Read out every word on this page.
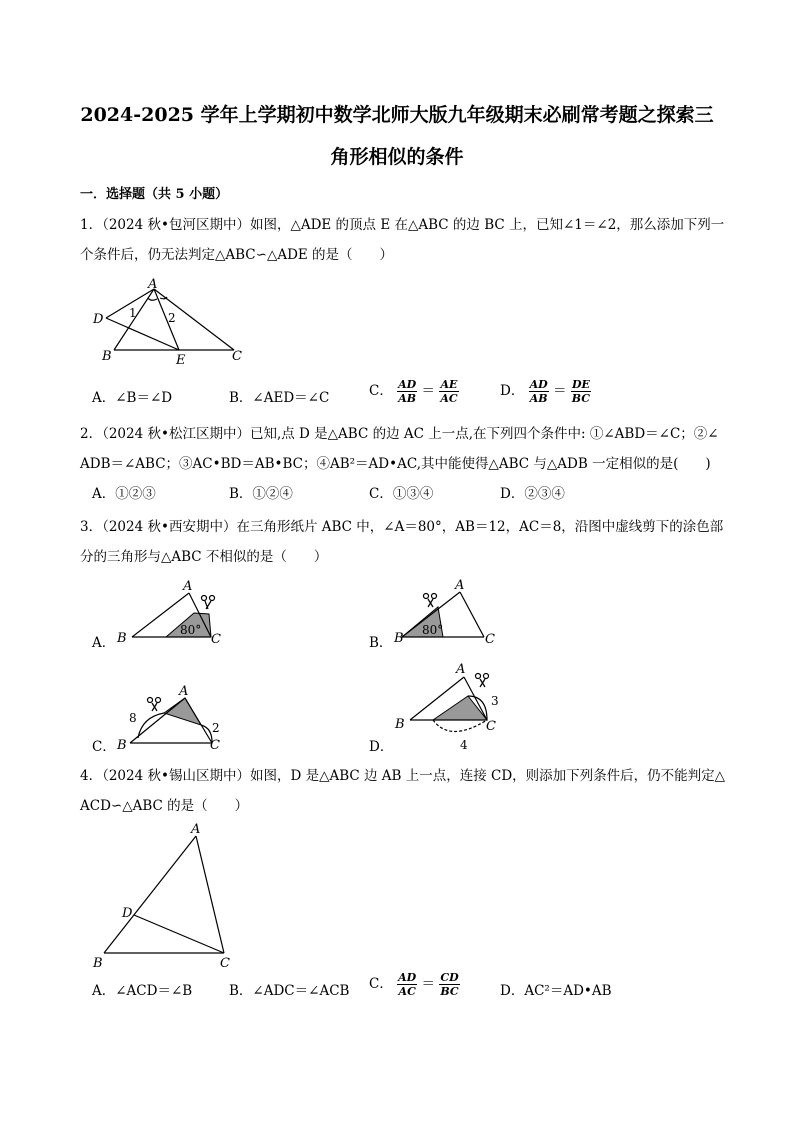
2024-2025 学年上学期初中数学北师大版九年级期末必刷常考题之探索三
角形相似的条件
一．选择题（共 5 小题）
1．（2024 秋•包河区期中）如图，△ADE 的顶点 E 在△ABC 的边 BC 上，已知∠1＝∠2，那么添加下列一
个条件后，仍无法判定△ABC∽△ADE 的是（　　）
A
D
B	E	C
1	2
A．∠B＝∠D	B．∠AED＝∠C	C． $\frac{AD}{AB} = \frac{AE}{AC}$	D． $\frac{AD}{AB} = \frac{DE}{BC}$
2．（2024 秋•松江区期中）已知,点 D 是△ABC 的边 AC 上一点,在下列四个条件中: ①∠ABD＝∠C；②∠
ADB＝∠ABC；③AC•BD＝AB•BC；④AB²＝AD•AC,其中能使得△ABC 与△ADB 一定相似的是(　　)
A．①②③	B．①②④	C．①③④	D．②③④
3．（2024 秋•西安期中）在三角形纸片 ABC 中，∠A＝80°，AB＝12，AC＝8，沿图中虚线剪下的涂色部
分的三角形与△ABC 不相似的是（　　）
A．
A
B	C
80°
B．
A
B	C
80°
C．
A
B	C
8
2
D．
A
B	C
3
4
4．（2024 秋•锡山区期中）如图，D 是△ABC 边 AB 上一点，连接 CD，则添加下列条件后，仍不能判定△
ACD∽△ABC 的是（　　）
A
D
B	C
A．∠ACD＝∠B	B．∠ADC＝∠ACB C． $\frac{AD}{AC} = \frac{CD}{BC}$	D．AC²＝AD•AB
